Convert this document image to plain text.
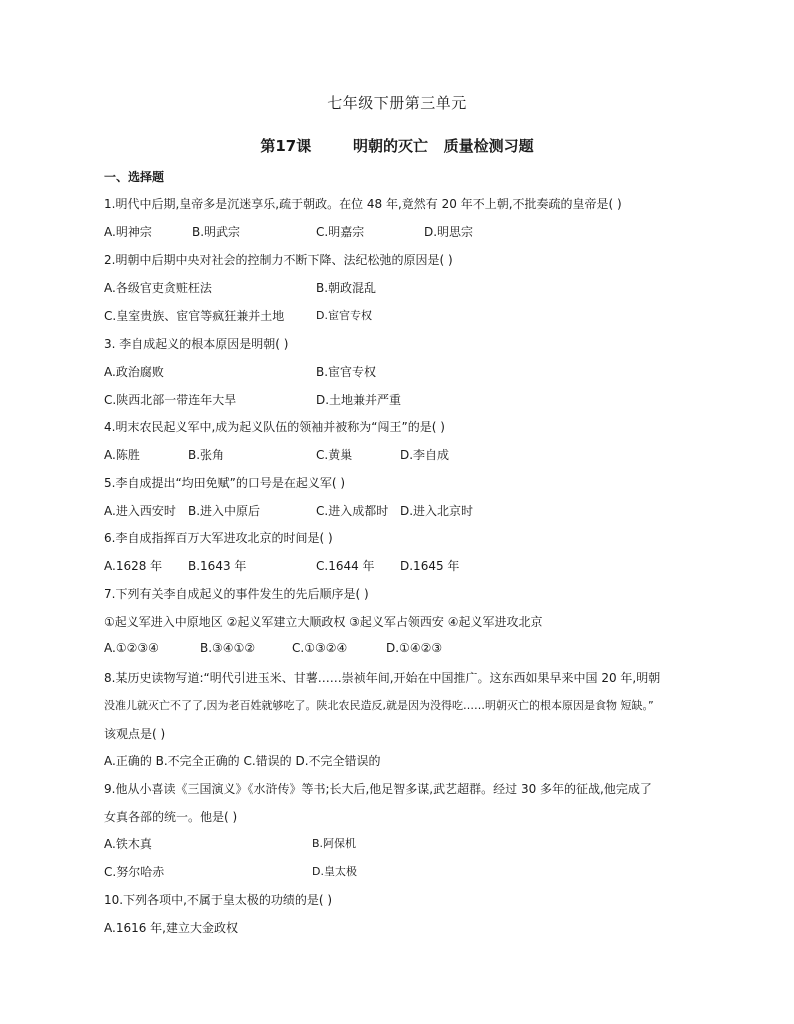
七年级下册第三单元
第17课        明朝的灭亡   质量检测习题
一、选择题
1.明代中后期,皇帝多是沉迷享乐,疏于朝政。在位 48 年,竟然有 20 年不上朝,不批奏疏的皇帝是( )
A.明神宗	B.明武宗	C.明嘉宗	D.明思宗
2.明朝中后期中央对社会的控制力不断下降、法纪松弛的原因是( )
A.各级官吏贪赃枉法	B.朝政混乱
C.皇室贵族、宦官等疯狂兼并土地	D.宦官专权
3. 李自成起义的根本原因是明朝( )
A.政治腐败	B.宦官专权
C.陕西北部一带连年大旱	D.土地兼并严重
4.明末农民起义军中,成为起义队伍的领袖并被称为“闯王”的是( )
A.陈胜	B.张角	C.黄巢	D.李自成
5.李自成提出“均田免赋”的口号是在起义军( )
A.进入西安时 B.进入中原后	C.进入成都时 D.进入北京时
6.李自成指挥百万大军进攻北京的时间是( )
A.1628 年 B.1643 年	C.1644 年 D.1645 年
7.下列有关李自成起义的事件发生的先后顺序是( )
①起义军进入中原地区 ②起义军建立大顺政权 ③起义军占领西安 ④起义军进攻北京
A.①②③④	B.③④①②	C.①③②④	D.①④②③
8.某历史读物写道:“明代引进玉米、甘薯……崇祯年间,开始在中国推广。这东西如果早来中国 20 年,明朝
没准儿就灭亡不了了,因为老百姓就够吃了。陕北农民造反,就是因为没得吃……明朝灭亡的根本原因是食物 短缺。”
该观点是( )
A.正确的 B.不完全正确的 C.错误的 D.不完全错误的
9.他从小喜读《三国演义》《水浒传》等书;长大后,他足智多谋,武艺超群。经过 30 多年的征战,他完成了
女真各部的统一。他是( )
A.铁木真	B.阿保机
C.努尔哈赤	D.皇太极
10.下列各项中,不属于皇太极的功绩的是( )
A.1616 年,建立大金政权
